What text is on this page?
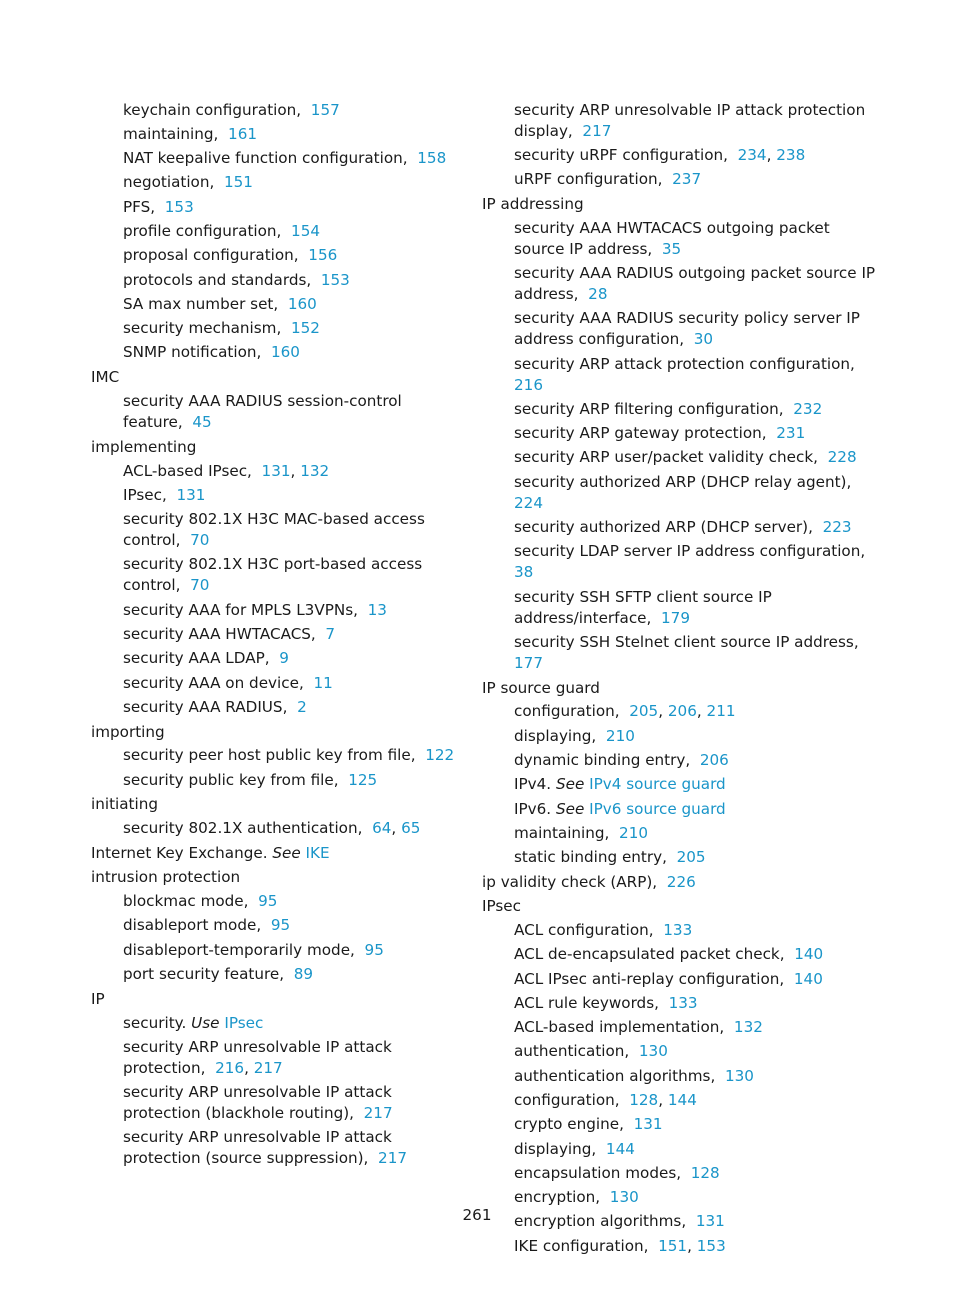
keychain configuration, 157
maintaining, 161
NAT keepalive function configuration, 158
negotiation, 151
PFS, 153
profile configuration, 154
proposal configuration, 156
protocols and standards, 153
SA max number set, 160
security mechanism, 152
SNMP notification, 160
IMC
security AAA RADIUS session-control feature, 45
implementing
ACL-based IPsec, 131, 132
IPsec, 131
security 802.1X H3C MAC-based access control, 70
security 802.1X H3C port-based access control, 70
security AAA for MPLS L3VPNs, 13
security AAA HWTACACS, 7
security AAA LDAP, 9
security AAA on device, 11
security AAA RADIUS, 2
importing
security peer host public key from file, 122
security public key from file, 125
initiating
security 802.1X authentication, 64, 65
Internet Key Exchange. See IKE
intrusion protection
blockmac mode, 95
disableport mode, 95
disableport-temporarily mode, 95
port security feature, 89
IP
security. Use IPsec
security ARP unresolvable IP attack protection, 216, 217
security ARP unresolvable IP attack protection (blackhole routing), 217
security ARP unresolvable IP attack protection (source suppression), 217
security ARP unresolvable IP attack protection display, 217
security uRPF configuration, 234, 238
uRPF configuration, 237
IP addressing
security AAA HWTACACS outgoing packet source IP address, 35
security AAA RADIUS outgoing packet source IP address, 28
security AAA RADIUS security policy server IP address configuration, 30
security ARP attack protection configuration,  216
security ARP filtering configuration, 232
security ARP gateway protection, 231
security ARP user/packet validity check, 228
security authorized ARP (DHCP relay agent),  224
security authorized ARP (DHCP server), 223
security LDAP server IP address configuration,  38
security SSH SFTP client source IP address/interface, 179
security SSH Stelnet client source IP address,  177
IP source guard
configuration, 205, 206, 211
displaying, 210
dynamic binding entry, 206
IPv4. See IPv4 source guard
IPv6. See IPv6 source guard
maintaining, 210
static binding entry, 205
ip validity check (ARP), 226
IPsec
ACL configuration, 133
ACL de-encapsulated packet check, 140
ACL IPsec anti-replay configuration, 140
ACL rule keywords, 133
ACL-based implementation, 132
authentication, 130
authentication algorithms, 130
configuration, 128, 144
crypto engine, 131
displaying, 144
encapsulation modes, 128
encryption, 130
encryption algorithms, 131
IKE configuration, 151, 153
261
